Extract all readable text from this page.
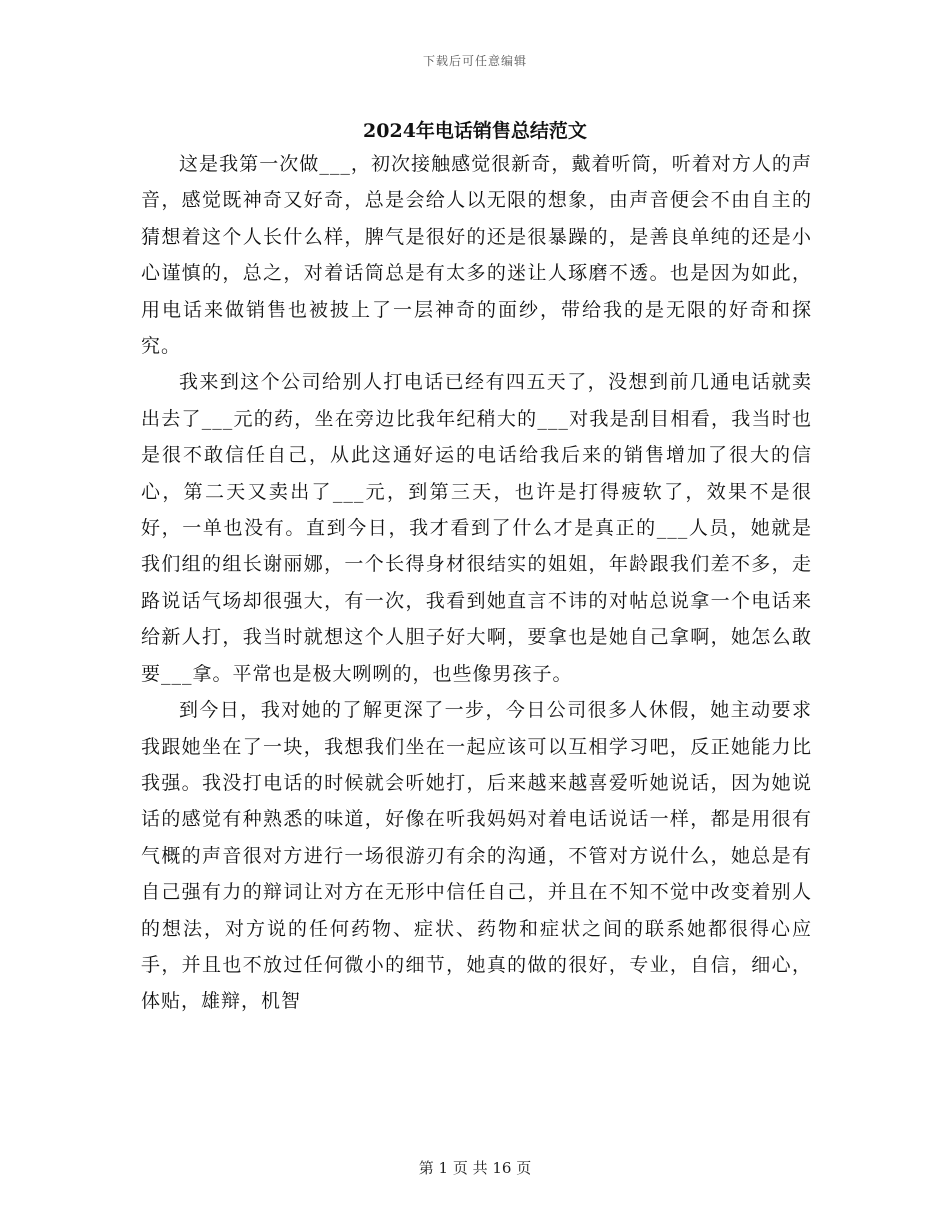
下载后可任意编辑
2024年电话销售总结范文

这是我第一次做___，初次接触感觉很新奇，戴着听筒，听着对方人的声音，感觉既神奇又好奇，总是会给人以无限的想象，由声音便会不由自主的猜想着这个人长什么样，脾气是很好的还是很暴躁的，是善良单纯的还是小心谨慎的，总之，对着话筒总是有太多的迷让人琢磨不透。也是因为如此，用电话来做销售也被披上了一层神奇的面纱，带给我的是无限的好奇和探究。

我来到这个公司给别人打电话已经有四五天了，没想到前几通电话就卖出去了___元的药，坐在旁边比我年纪稍大的___对我是刮目相看，我当时也是很不敢信任自己，从此这通好运的电话给我后来的销售增加了很大的信心，第二天又卖出了___元，到第三天，也许是打得疲软了，效果不是很好，一单也没有。直到今日，我才看到了什么才是真正的___人员，她就是我们组的组长谢丽娜，一个长得身材很结实的姐姐，年龄跟我们差不多，走路说话气场却很强大，有一次，我看到她直言不讳的对帖总说拿一个电话来给新人打，我当时就想这个人胆子好大啊，要拿也是她自己拿啊，她怎么敢要___拿。平常也是极大咧咧的，也些像男孩子。

到今日，我对她的了解更深了一步，今日公司很多人休假，她主动要求我跟她坐在了一块，我想我们坐在一起应该可以互相学习吧，反正她能力比我强。我没打电话的时候就会听她打，后来越来越喜爱听她说话，因为她说话的感觉有种熟悉的味道，好像在听我妈妈对着电话说话一样，都是用很有气概的声音很对方进行一场很游刃有余的沟通，不管对方说什么，她总是有自己强有力的辩词让对方在无形中信任自己，并且在不知不觉中改变着别人的想法，对方说的任何药物、症状、药物和症状之间的联系她都很得心应手，并且也不放过任何微小的细节，她真的做的很好，专业，自信，细心，体贴，雄辩，机智

第 1 页 共 16 页
